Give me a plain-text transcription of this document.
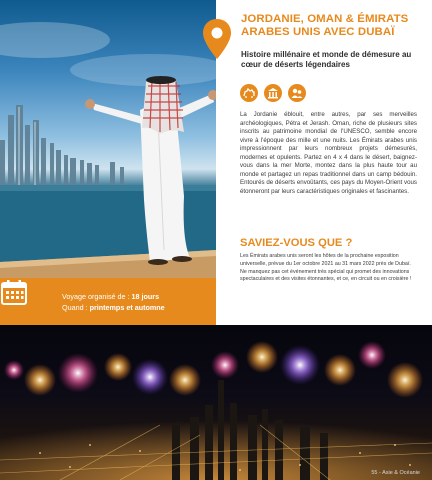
Voyage organisé de : 18 jours
Quand : printemps et automne
JORDANIE, OMAN & ÉMIRATS ARABES UNIS AVEC DUBAÏ
Histoire millénaire et monde de démesure au cœur de déserts légendaires
La Jordanie éblouit, entre autres, par ses merveilles archéologiques, Pétra et Jerash. Oman, riche de plusieurs sites inscrits au patrimoine mondial de l'UNESCO, semble encore vivre à l'époque des mille et une nuits. Les Émirats arabes unis impressionnent par leurs nombreux projets démesurés, modernes et opulents. Partez en 4 x 4 dans le désert, baignez-vous dans la mer Morte, montez dans la plus haute tour au monde et partagez un repas traditionnel dans un camp bédouin. Entourés de déserts envoûtants, ces pays du Moyen-Orient vous étonneront par leurs caractéristiques originales et fascinantes.
SAVIEZ-VOUS QUE ?
Les Émirats arabes unis seront les hôtes de la prochaine exposition universelle, prévue du 1er octobre 2021 au 31 mars 2022 près de Dubaï. Ne manquez pas cet événement très spécial qui promet des innovations spectaculaires et des visites étonnantes, et ce, en circuit ou en croisière !
55 - Asie & Océanie
